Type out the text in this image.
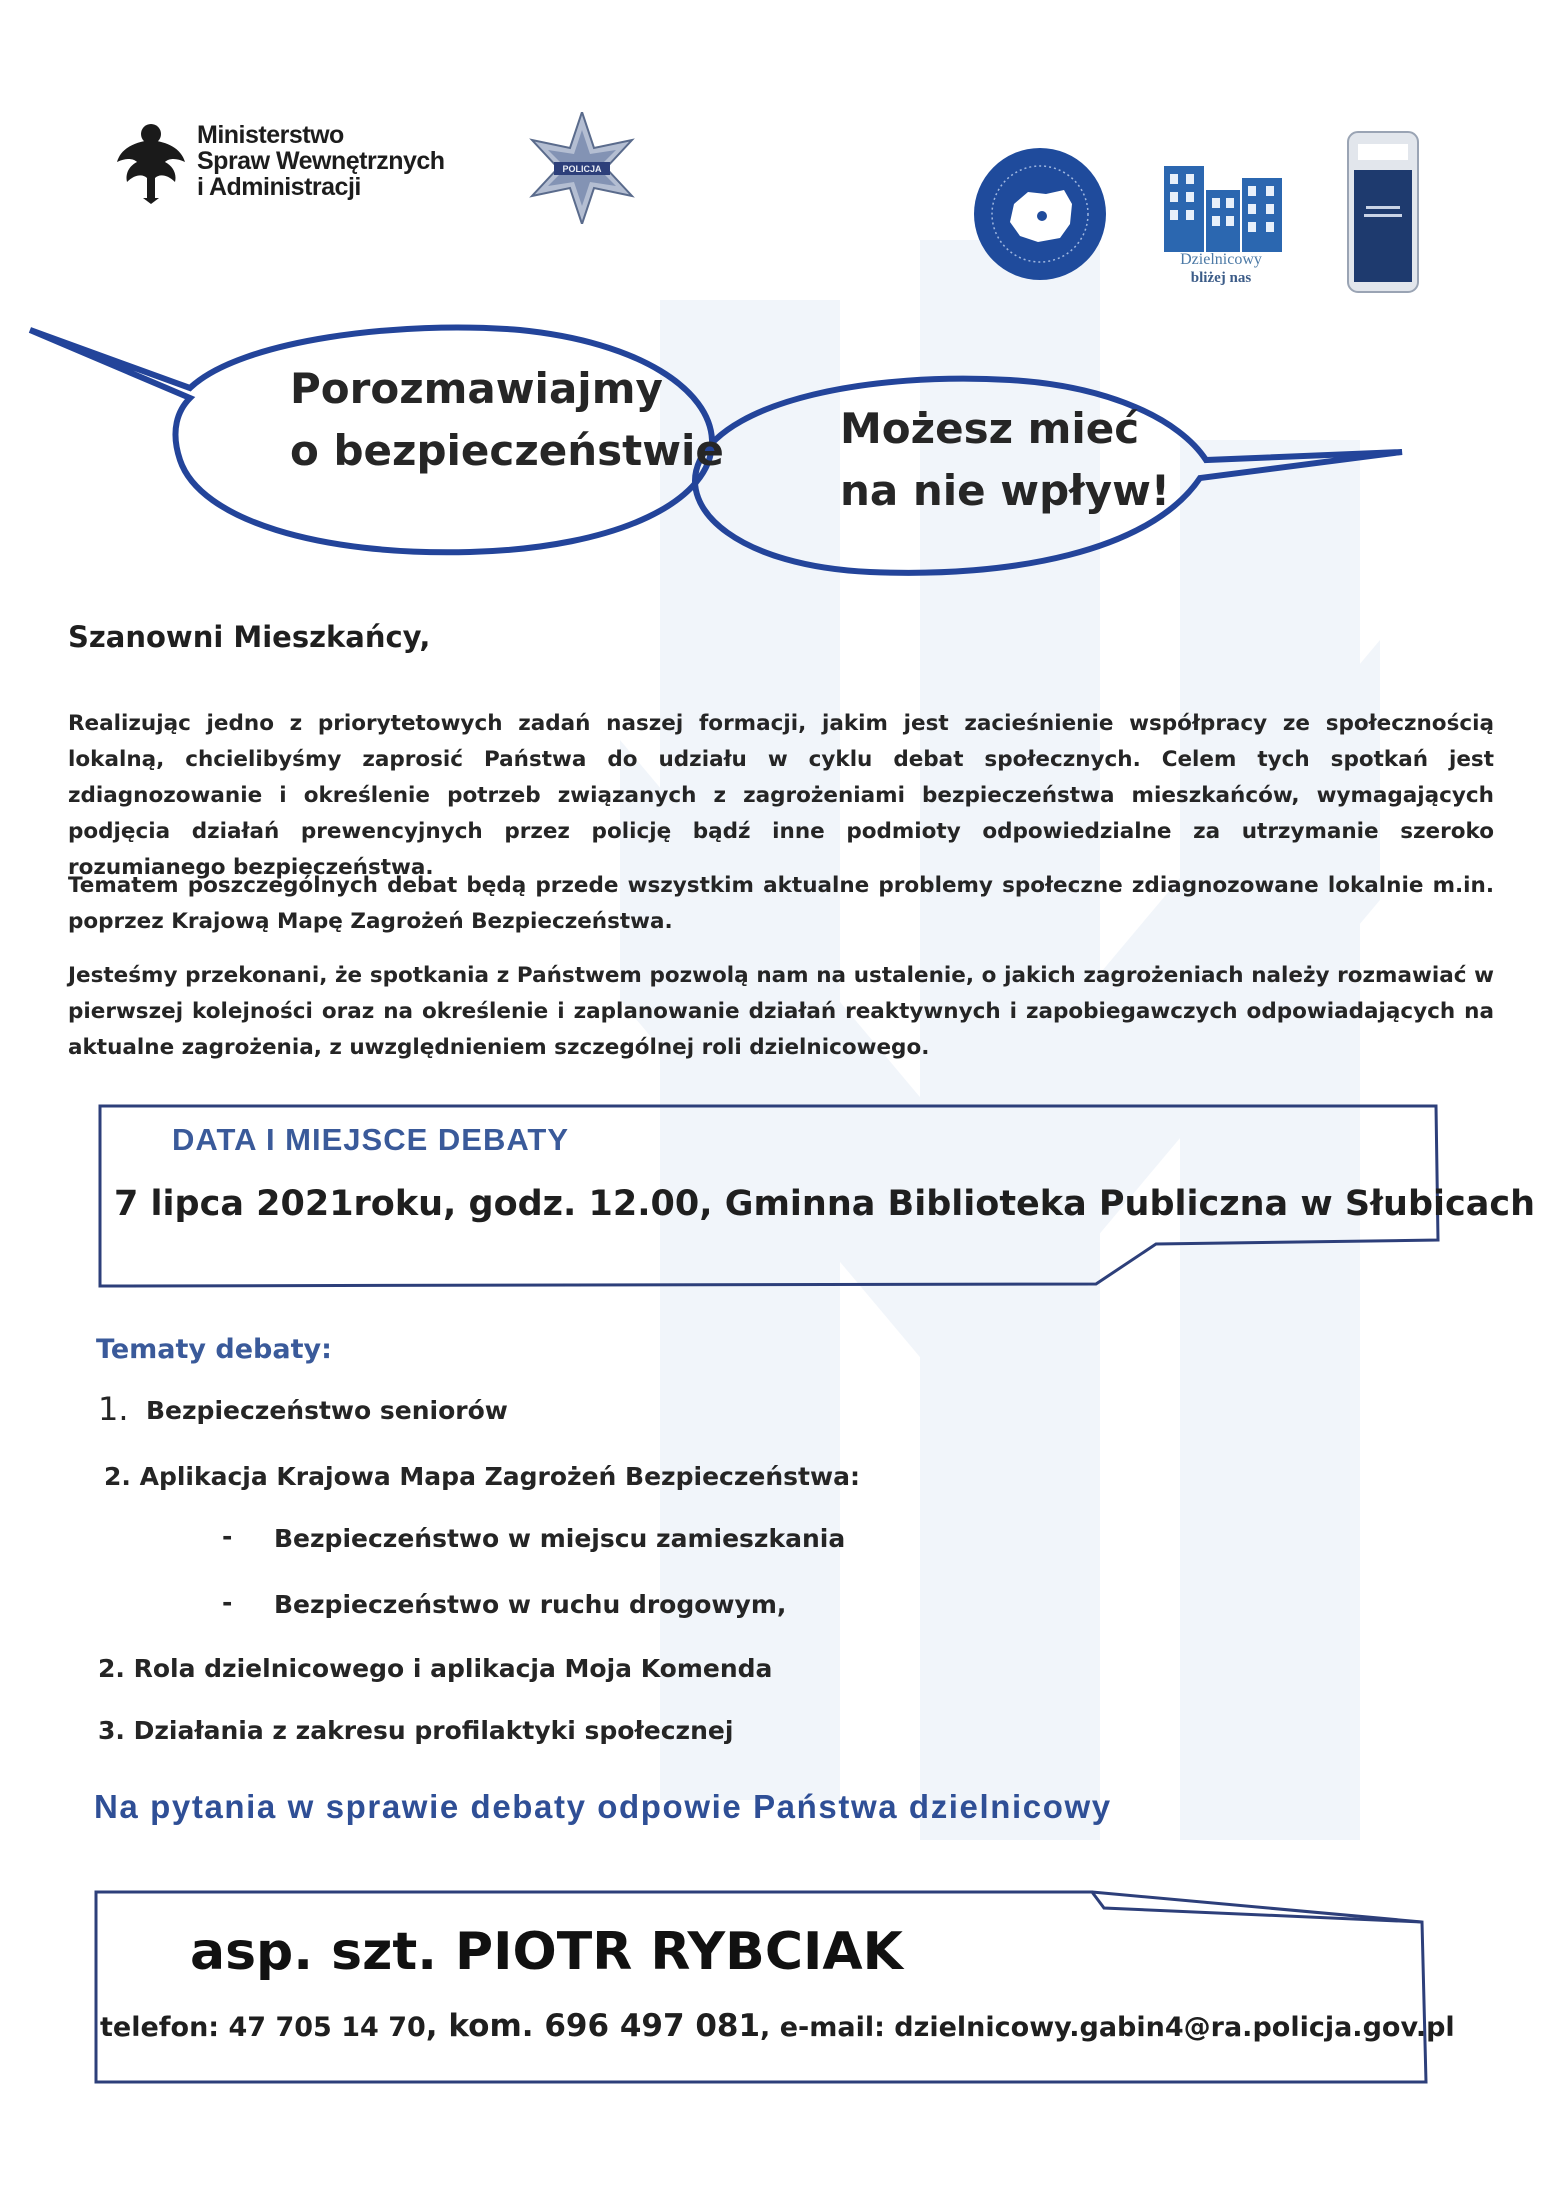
Ministerstwo
Spraw Wewnętrznych
i Administracji
POLICJA
Dzielnicowy
bliżej nas
Porozmawiajmy
o bezpieczeństwie	Możesz mieć
na nie wpływ!
Szanowni Mieszkańcy,

Realizując jedno z priorytetowych zadań naszej formacji, jakim jest zacieśnienie współpracy ze społecznością lokalną, chcielibyśmy zaprosić Państwa do udziału w cyklu debat społecznych. Celem tych spotkań jest zdiagnozowanie i określenie potrzeb związanych z zagrożeniami bezpieczeństwa mieszkańców, wymagających podjęcia działań prewencyjnych przez policję bądź inne podmioty odpowiedzialne za utrzymanie szeroko rozumianego bezpieczeństwa.

Tematem poszczególnych debat będą przede wszystkim aktualne problemy społeczne zdiagnozowane lokalnie m.in. poprzez Krajową Mapę Zagrożeń Bezpieczeństwa.

Jesteśmy przekonani, że spotkania z Państwem pozwolą nam na ustalenie, o jakich zagrożeniach należy rozmawiać w pierwszej kolejności oraz na określenie i zaplanowanie działań reaktywnych i zapobiegawczych odpowiadających na aktualne zagrożenia, z uwzględnieniem szczególnej roli dzielnicowego.

DATA I MIEJSCE DEBATY
7 lipca 2021roku, godz. 12.00, Gminna Biblioteka Publiczna w Słubicach
Tematy debaty:
1. Bezpieczeństwo seniorów
2. Aplikacja Krajowa Mapa Zagrożeń Bezpieczeństwa:
- Bezpieczeństwo w miejscu zamieszkania
- Bezpieczeństwo w ruchu drogowym,
2. Rola dzielnicowego i aplikacja Moja Komenda
3. Działania z zakresu profilaktyki społecznej
Na pytania w sprawie debaty odpowie Państwa dzielnicowy
asp. szt. PIOTR RYBCIAK
telefon: 47 705 14 70, kom. 696 497 081, e-mail: dzielnicowy.gabin4@ra.policja.gov.pl
